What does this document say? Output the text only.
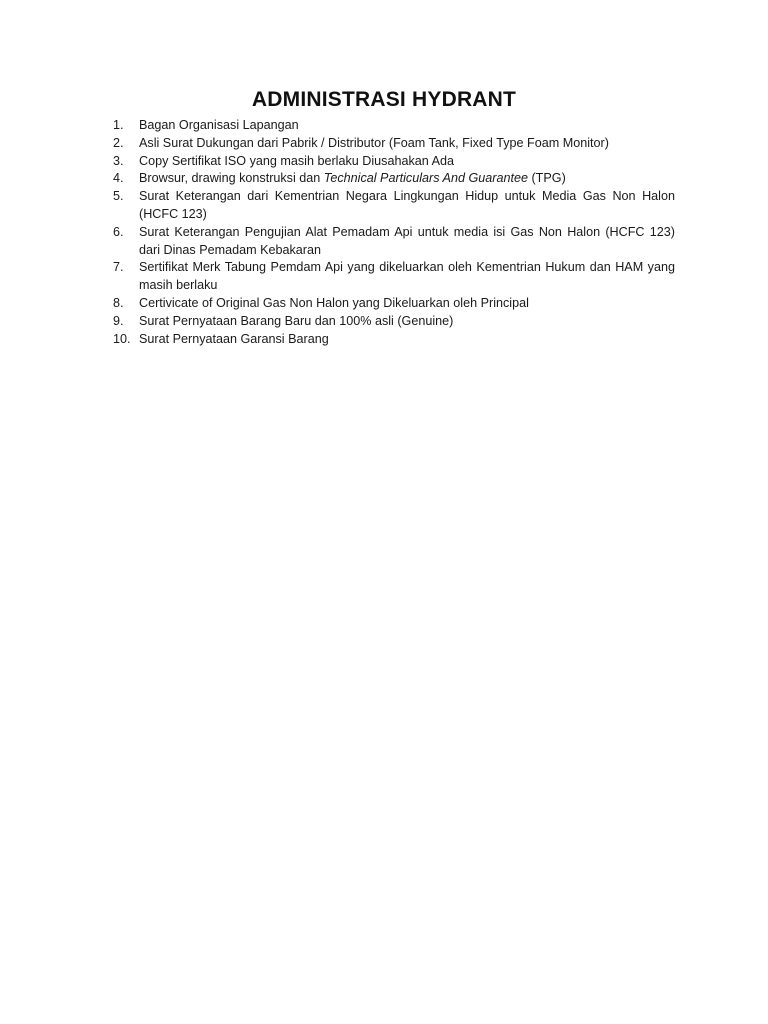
ADMINISTRASI HYDRANT
1. Bagan Organisasi Lapangan
2. Asli Surat Dukungan dari Pabrik / Distributor (Foam Tank, Fixed Type Foam Monitor)
3. Copy Sertifikat ISO yang masih berlaku Diusahakan Ada
4. Browsur, drawing konstruksi dan Technical Particulars And Guarantee (TPG)
5. Surat Keterangan dari Kementrian Negara Lingkungan Hidup untuk Media Gas Non Halon (HCFC 123)
6. Surat Keterangan Pengujian Alat Pemadam Api untuk media isi Gas Non Halon (HCFC 123) dari Dinas Pemadam Kebakaran
7. Sertifikat Merk Tabung Pemdam Api yang dikeluarkan oleh Kementrian Hukum dan HAM yang masih berlaku
8. Certivicate of Original Gas Non Halon yang Dikeluarkan oleh Principal
9. Surat Pernyataan Barang Baru dan 100% asli (Genuine)
10. Surat Pernyataan Garansi Barang
